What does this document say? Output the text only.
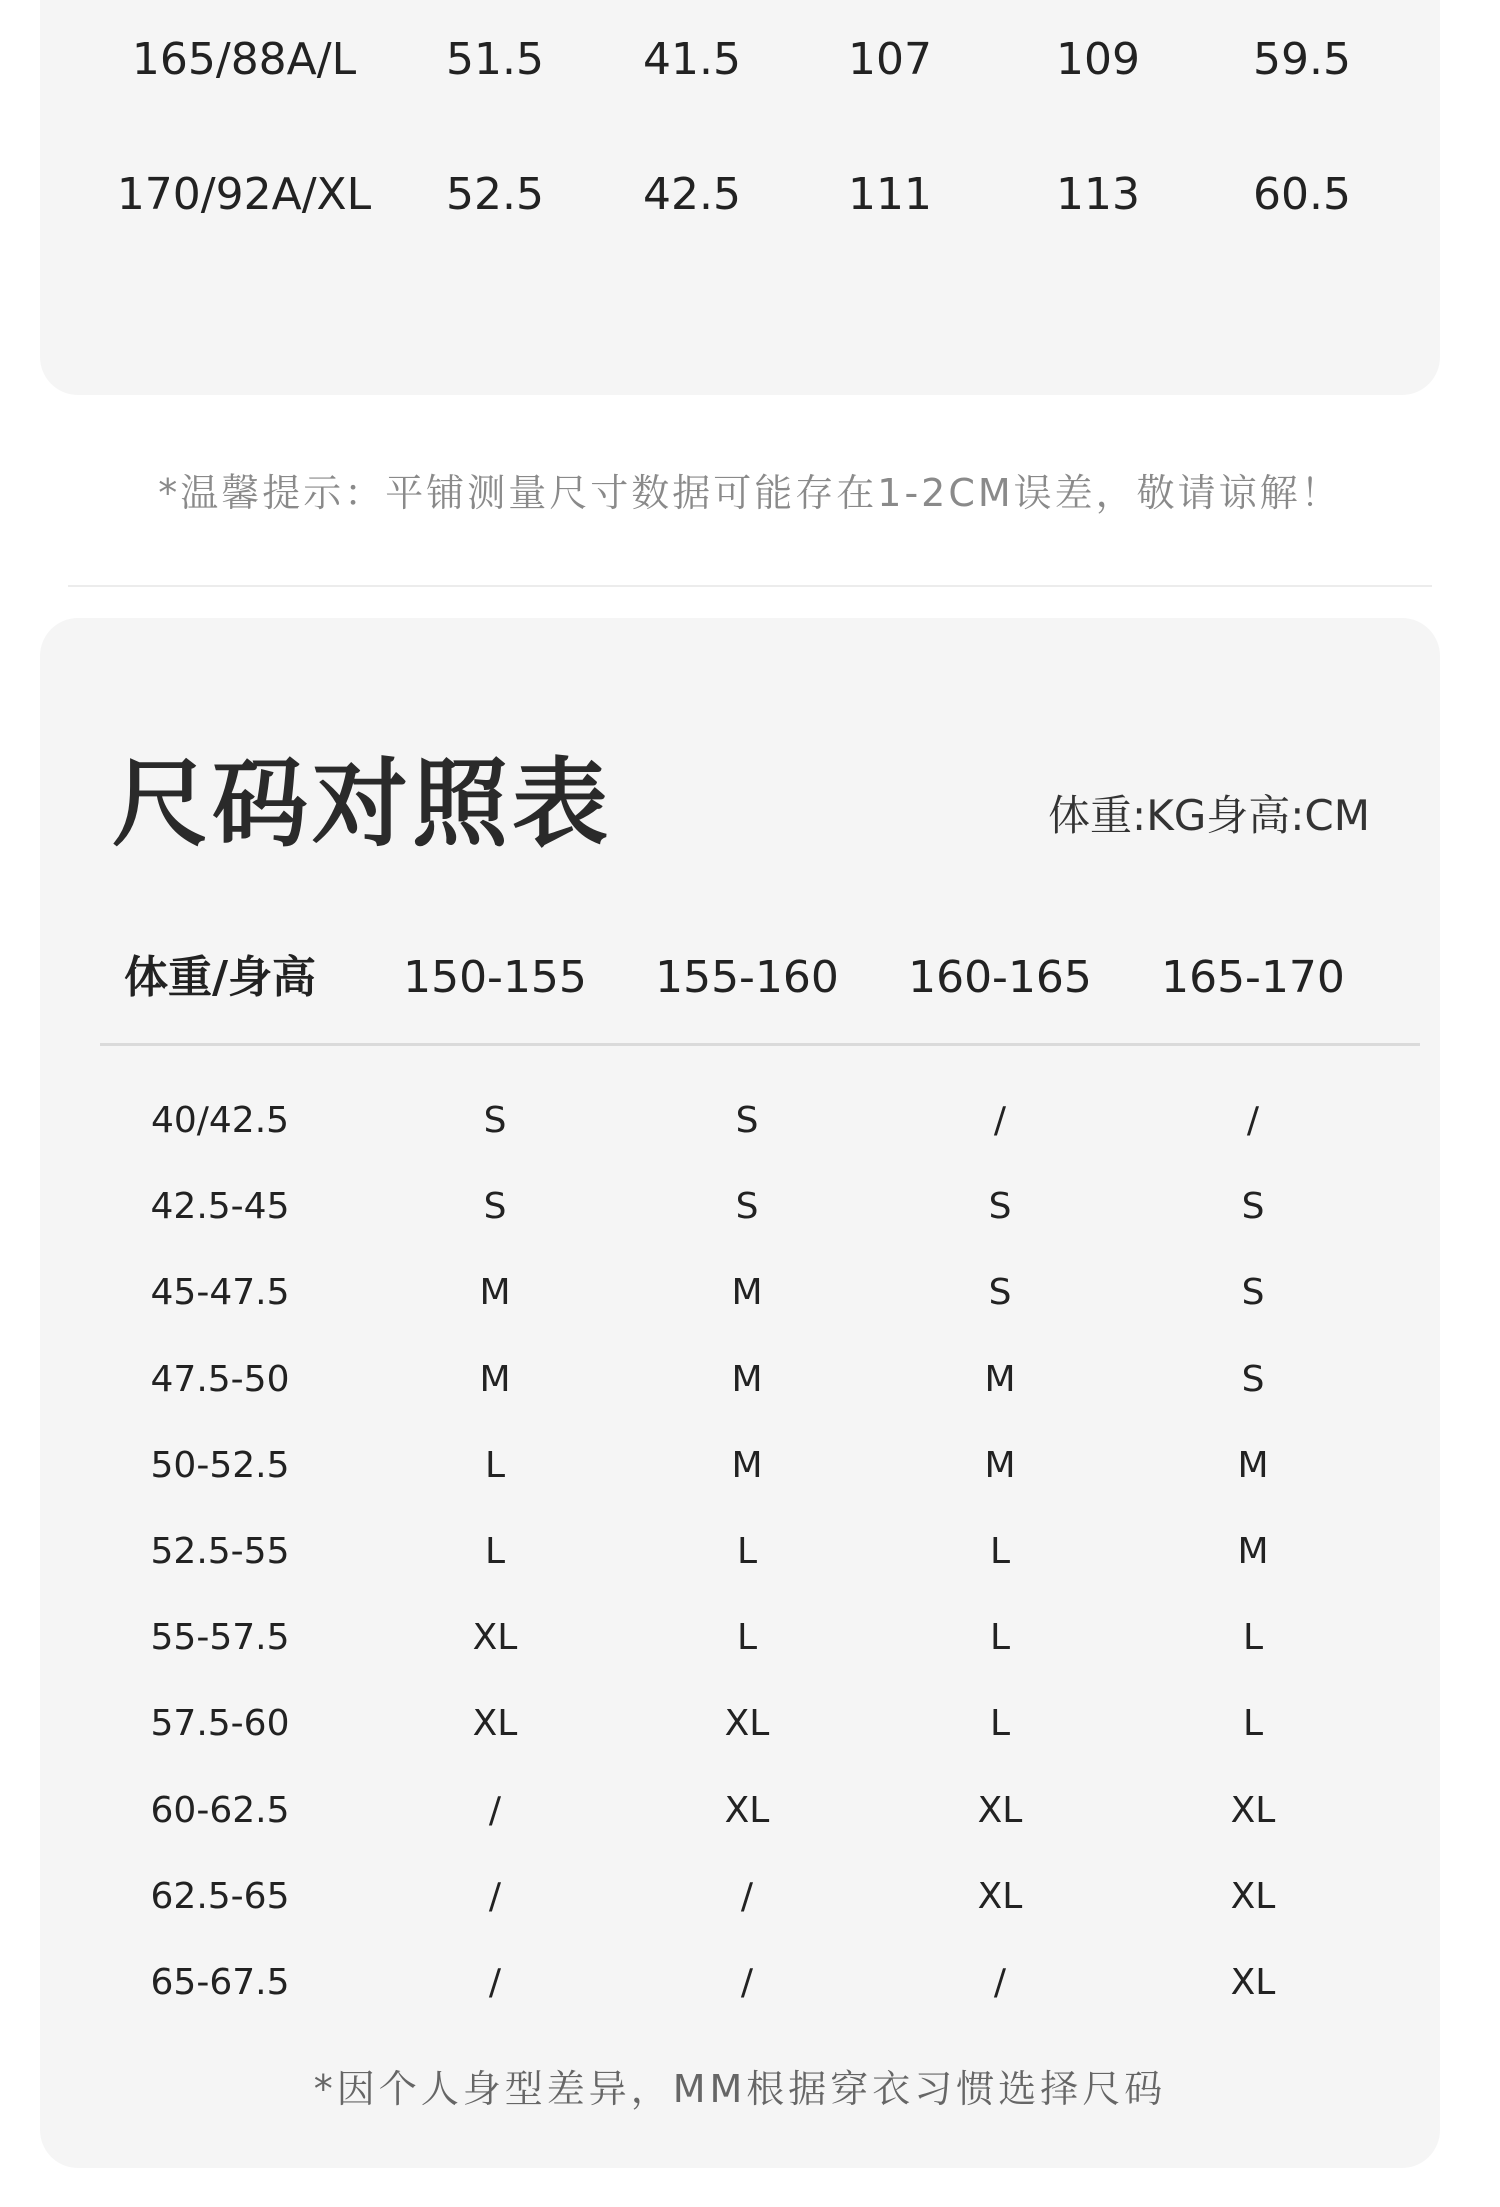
165/88A/L 51.5 41.5 107	109	59.5
170/92A/XL 52.5 42.5 111	113	60.5
*温馨提示：平铺测量尺寸数据可能存在1-2CM误差，敬请谅解！
尺码对照表	体重:KG身高:CM
体重/身高 150-155 155-160 160-165 165-170
40/42.5	S	S	/	/
42.5-45	S	S	S	S
45-47.5	M	M	S	S
47.5-50	M	M	M	S
50-52.5	L	M	M	M
52.5-55	L	L	L	M
55-57.5	XL	L	L	L
57.5-60	XL	XL	L	L
60-62.5	/	XL	XL	XL
62.5-65	/	/	XL	XL
65-67.5	/	/	/	XL
*因个人身型差异，MM根据穿衣习惯选择尺码
